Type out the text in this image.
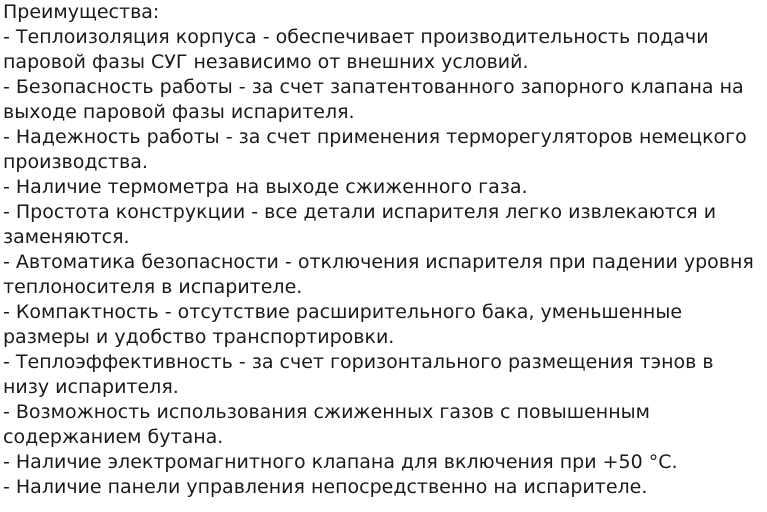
Преимущества:

- Теплоизоляция корпуса - обеспечивает производительность подачи паровой фазы СУГ независимо от внешних условий.
- Безопасность работы - за счет запатентованного запорного клапана на выходе паровой фазы испарителя.
- Надежность работы - за счет применения терморегуляторов немецкого производства.
- Наличие термометра на выходе сжиженного газа.
- Простота конструкции - все детали испарителя легко извлекаются и заменяются.
- Автоматика безопасности - отключения испарителя при падении уровня теплоносителя в испарителе.
- Компактность - отсутствие расширительного бака, уменьшенные размеры и удобство транспортировки.
- Теплоэффективность - за счет горизонтального размещения тэнов в низу испарителя.
- Возможность использования сжиженных газов с повышенным содержанием бутана.
- Наличие электромагнитного клапана для включения при +50 °С.
- Наличие панели управления непосредственно на испарителе.
